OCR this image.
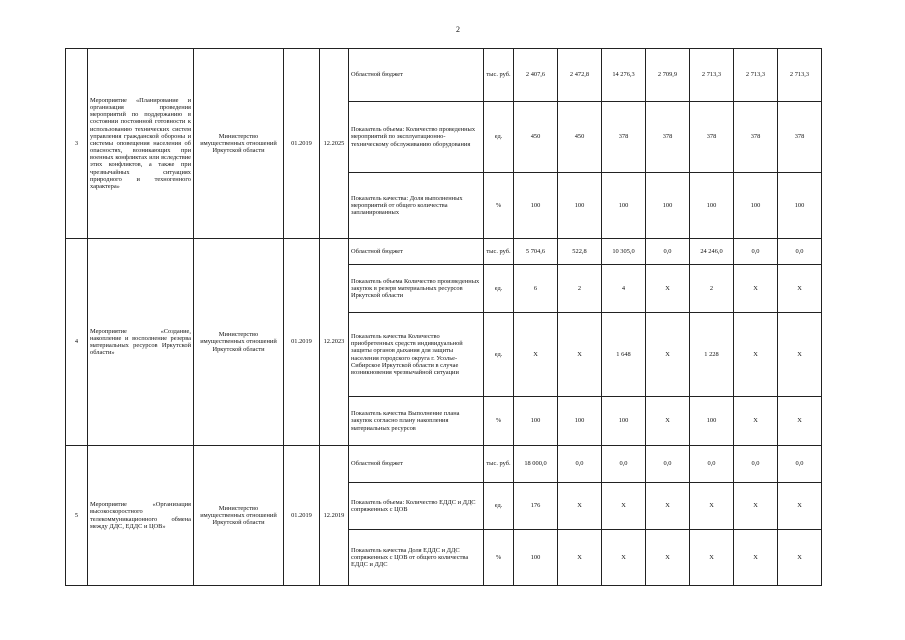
2
3	Мероприятие «Планирование и организация проведения мероприятий по поддержанию в состоянии постоянной готовности к использованию технических систем управления гражданской обороны и системы оповещения населения об опасностях, возникающих при военных конфликтах или вследствие этих конфликтов, а также при чрезвычайных ситуациях природного и техногенного характера»	Министерство имущественных отношений Иркутской области	01.2019	12.2025	Областной бюджет	тыс. руб.	2 407,6	2 472,8	14 276,3	2 709,9	2 713,3	2 713,3	2 713,3
					Показатель объема: Количество проведенных мероприятий по эксплуатационно-техническому обслуживанию оборудования	ед.	450	450	378	378	378	378	378
					Показатель качества: Доля выполненных мероприятий от общего количества запланированных	%	100	100	100	100	100	100	100
4	Мероприятие «Создание, накопление и восполнение резерва материальных ресурсов Иркутской области»	Министерство имущественных отношений Иркутской области	01.2019	12.2023	Областной бюджет	тыс. руб.	5 704,6	522,8	10 305,0	0,0	24 246,0	0,0	0,0
					Показатель объема Количество произведенных закупок в резерв материальных ресурсов Иркутской области	ед.	6	2	4	X	2	X	X
					Показатель качества Количество приобретенных средств индивидуальной защиты органов дыхания для защиты населения городского округа г. Усолье-Сибирское Иркутской области в случае возникновения чрезвычайной ситуации	ед.	X	X	1 648	X	1 228	X	X
					Показатель качества Выполнение плана закупок согласно плану накопления материальных ресурсов	%	100	100	100	X	100	X	X
5	Мероприятие «Организация высокоскоростного телекоммуникационного обмена между ДДС, ЕДДС и ЦОВ»	Министерство имущественных отношений Иркутской области	01.2019	12.2019	Областной бюджет	тыс. руб.	18 000,0	0,0	0,0	0,0	0,0	0,0	0,0
					Показатель объема: Количество ЕДДС и ДДС сопряженных с ЦОВ	ед.	176	X	X	X	X	X	X
					Показатель качества Доля ЕДДС и ДДС сопряженных с ЦОВ от общего количества ЕДДС и ДДС	%	100	X	X	X	X	X	X
